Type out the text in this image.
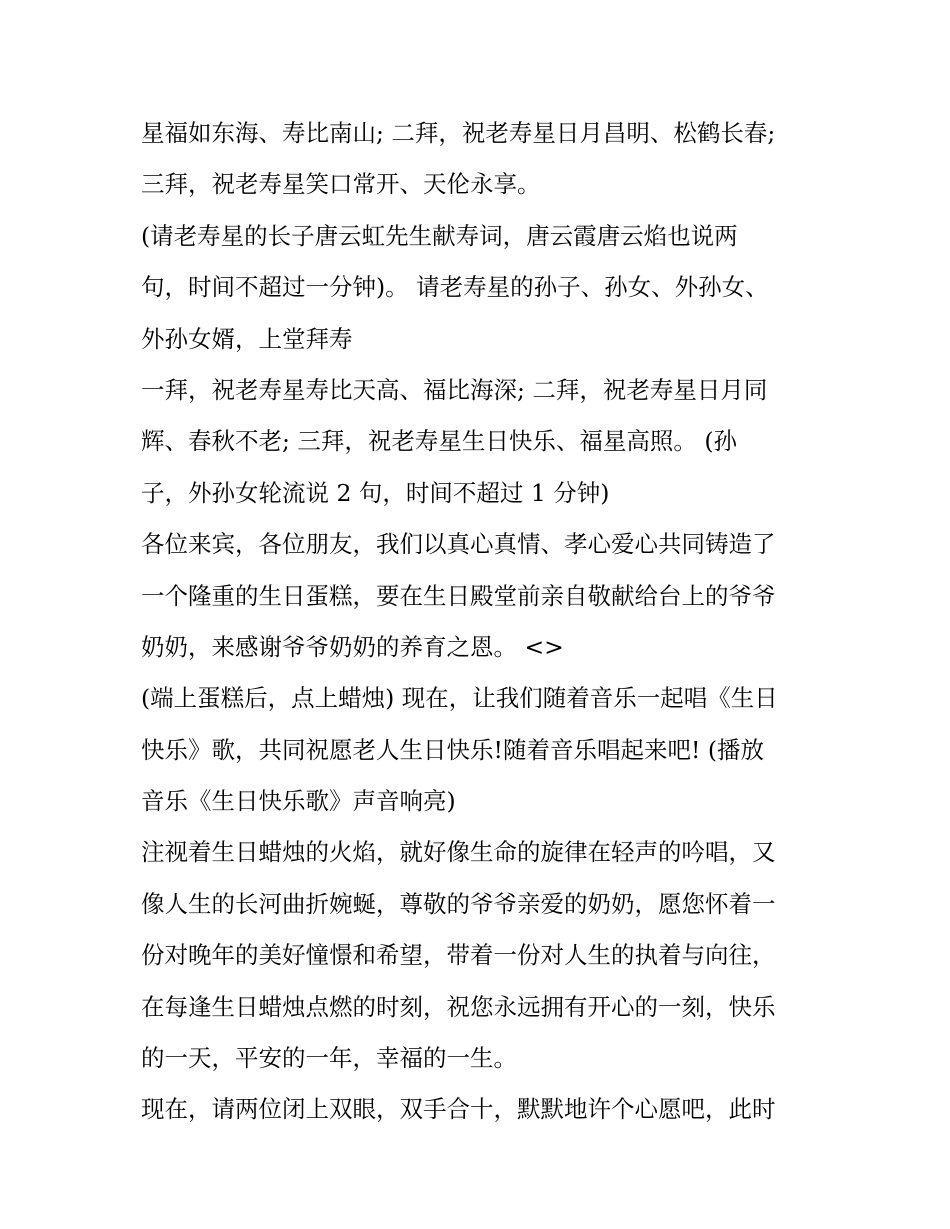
星福如东海、寿比南山; 二拜，祝老寿星日月昌明、松鹤长春;
三拜，祝老寿星笑口常开、天伦永享。
(请老寿星的长子唐云虹先生献寿词，唐云霞唐云焰也说两
句，时间不超过一分钟)。 请老寿星的孙子、孙女、外孙女、
外孙女婿，上堂拜寿
一拜，祝老寿星寿比天高、福比海深; 二拜，祝老寿星日月同
辉、春秋不老; 三拜，祝老寿星生日快乐、福星高照。 (孙
子，外孙女轮流说 2 句，时间不超过 1 分钟)
各位来宾，各位朋友，我们以真心真情、孝心爱心共同铸造了
一个隆重的生日蛋糕，要在生日殿堂前亲自敬献给台上的爷爷
奶奶，来感谢爷爷奶奶的养育之恩。 <>
(端上蛋糕后，点上蜡烛) 现在，让我们随着音乐一起唱《生日
快乐》歌，共同祝愿老人生日快乐!随着音乐唱起来吧! (播放
音乐《生日快乐歌》声音响亮)
注视着生日蜡烛的火焰，就好像生命的旋律在轻声的吟唱，又
像人生的长河曲折婉蜒，尊敬的爷爷亲爱的奶奶，愿您怀着一
份对晚年的美好憧憬和希望，带着一份对人生的执着与向往，
在每逢生日蜡烛点燃的时刻，祝您永远拥有开心的一刻，快乐
的一天，平安的一年，幸福的一生。
现在，请两位闭上双眼，双手合十，默默地许个心愿吧，此时
